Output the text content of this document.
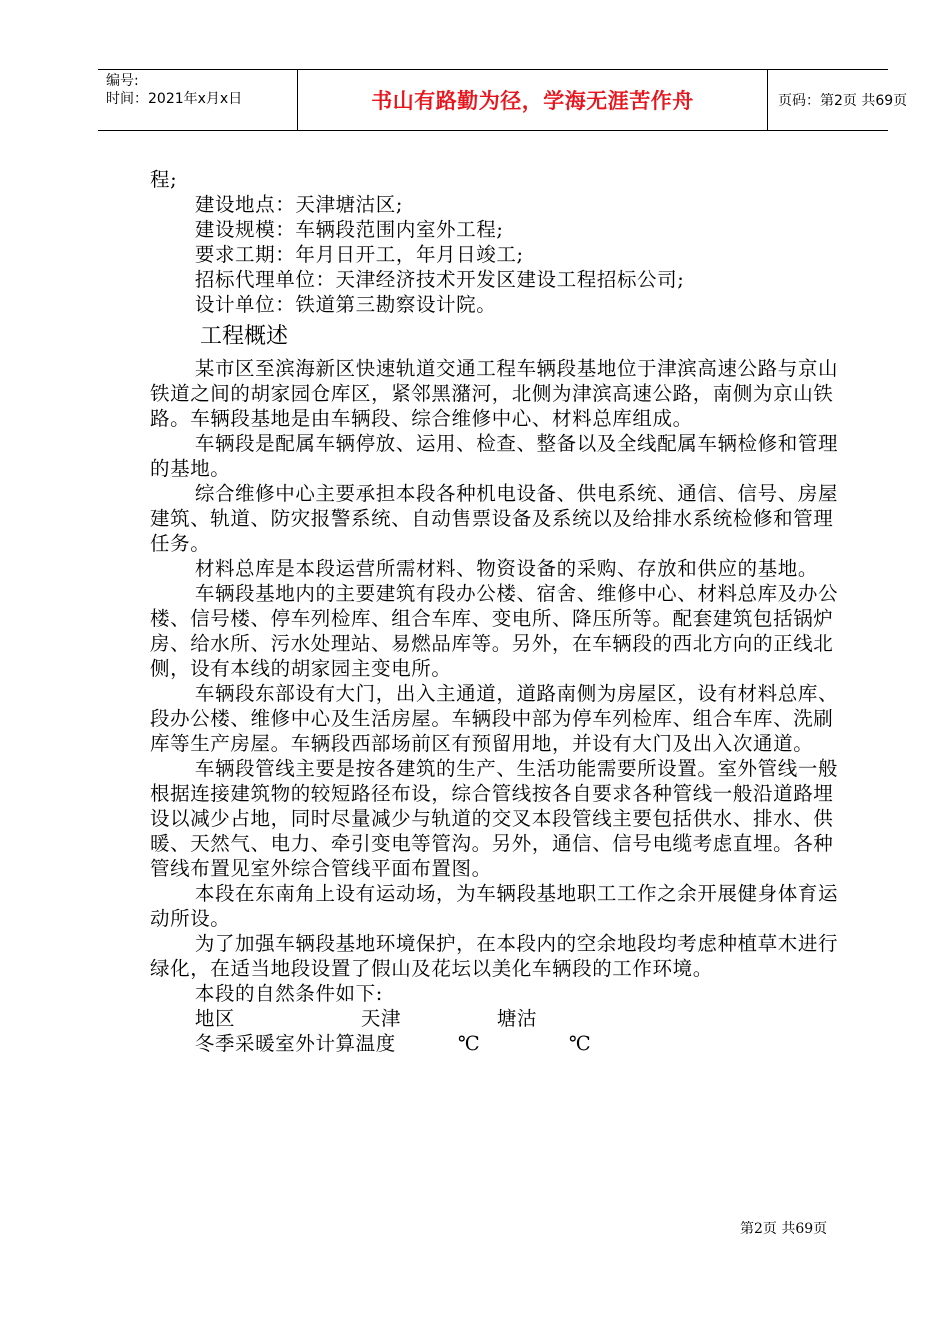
编号:
时间：2021年x月x日	书山有路勤为径，学海无涯苦作舟	页码：第2页 共69页

程;

建设地点：天津塘沽区;

建设规模：车辆段范围内室外工程;

要求工期：年月日开工，年月日竣工;

招标代理单位：天津经济技术开发区建设工程招标公司;

设计单位：铁道第三勘察设计院。

工程概述

某市区至滨海新区快速轨道交通工程车辆段基地位于津滨高速公路与京山铁道之间的胡家园仓库区，紧邻黑潴河，北侧为津滨高速公路，南侧为京山铁路。车辆段基地是由车辆段、综合维修中心、材料总库组成。

车辆段是配属车辆停放、运用、检查、整备以及全线配属车辆检修和管理的基地。

综合维修中心主要承担本段各种机电设备、供电系统、通信、信号、房屋建筑、轨道、防灾报警系统、自动售票设备及系统以及给排水系统检修和管理任务。

材料总库是本段运营所需材料、物资设备的采购、存放和供应的基地。

车辆段基地内的主要建筑有段办公楼、宿舍、维修中心、材料总库及办公楼、信号楼、停车列检库、组合车库、变电所、降压所等。配套建筑包括锅炉房、给水所、污水处理站、易燃品库等。另外，在车辆段的西北方向的正线北侧，设有本线的胡家园主变电所。

车辆段东部设有大门，出入主通道，道路南侧为房屋区，设有材料总库、段办公楼、维修中心及生活房屋。车辆段中部为停车列检库、组合车库、洗刷库等生产房屋。车辆段西部场前区有预留用地，并设有大门及出入次通道。

车辆段管线主要是按各建筑的生产、生活功能需要所设置。室外管线一般根据连接建筑物的较短路径布设，综合管线按各自要求各种管线一般沿道路埋设以减少占地，同时尽量减少与轨道的交叉本段管线主要包括供水、排水、供暖、天然气、电力、牵引变电等管沟。另外，通信、信号电缆考虑直埋。各种管线布置见室外综合管线平面布置图。

本段在东南角上设有运动场，为车辆段基地职工工作之余开展健身体育运动所设。

为了加强车辆段基地环境保护，在本段内的空余地段均考虑种植草木进行绿化，在适当地段设置了假山及花坛以美化车辆段的工作环境。

本段的自然条件如下:

地区	天津	塘沽
冬季采暖室外计算温度	℃	℃
第2页 共69页
